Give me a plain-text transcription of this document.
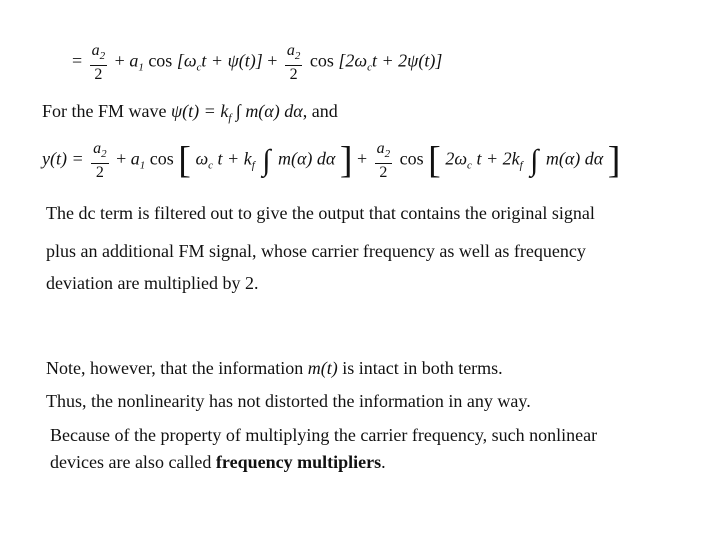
= $\frac{a_2}{2} + a_1$ $\cos [\omega_ct + \psi(t)] + \frac{a_2}{2}$ $\cos [2\omega_ct + 2\psi(t)]$
For the FM wave $\psi(t) = k_f$ ∫ m(α) dα, and
$y(t) = \frac{a_2}{2} + a_1$ cos [ $\omega_c$ $t + k_f$ ∫ m(α) dα ] + $\frac{a_2}{2}$ cos [ $2\omega_c$ $t + 2k_f$ ∫ m(α) dα ]
The dc term is filtered out to give the output that contains the original signal
plus an additional FM signal, whose carrier frequency as well as frequency
deviation are multiplied by 2.
Note, however, that the information m(t) is intact in both terms.
Thus, the nonlinearity has not distorted the information in any way.
Because of the property of multiplying the carrier frequency, such nonlinear
devices are also called frequency multipliers.
